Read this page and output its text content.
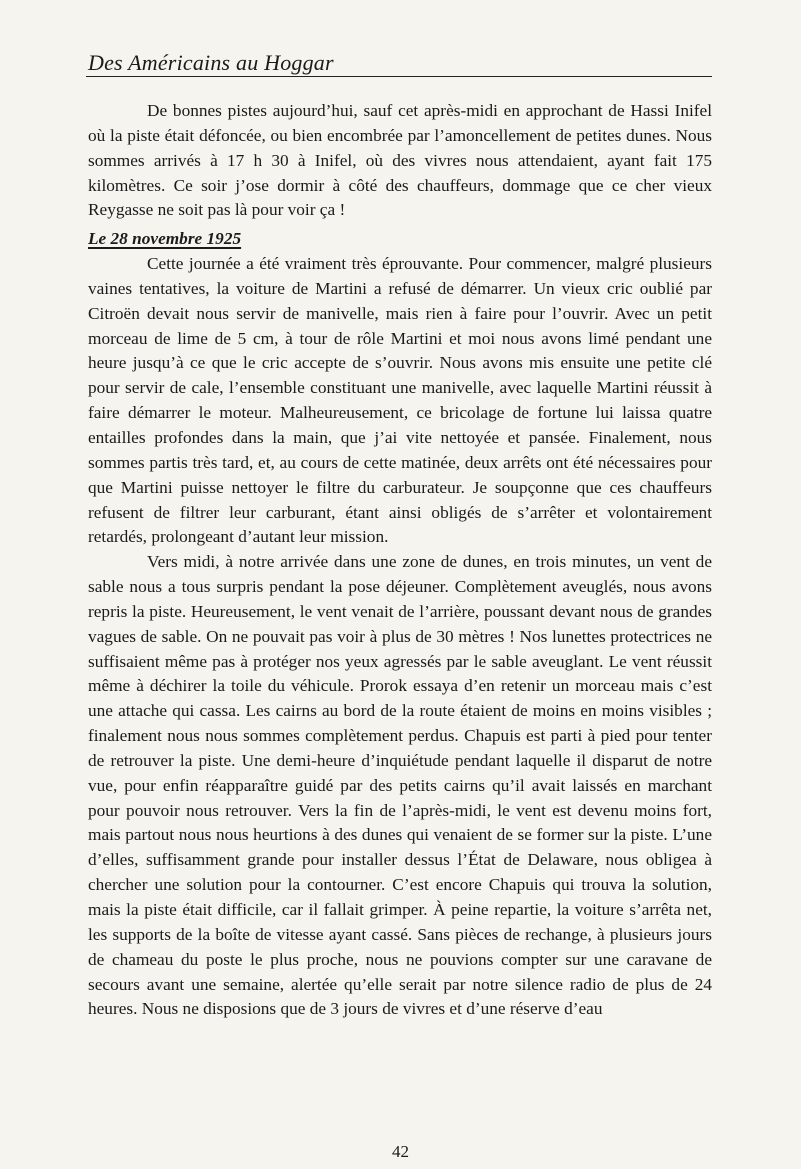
Des Américains au Hoggar

De bonnes pistes aujourd’hui, sauf cet après-midi en approchant de Hassi Inifel où la piste était défoncée, ou bien encombrée par l’amoncellement de petites dunes. Nous sommes arrivés à 17 h 30 à Inifel, où des vivres nous attendaient, ayant fait 175 kilomètres. Ce soir j’ose dormir à côté des chauffeurs, dommage que ce cher vieux Reygasse ne soit pas là pour voir ça !

Le 28 novembre 1925

Cette journée a été vraiment très éprouvante. Pour commencer, malgré plusieurs vaines tentatives, la voiture de Martini a refusé de démarrer. Un vieux cric oublié par Citroën devait nous servir de manivelle, mais rien à faire pour l’ouvrir. Avec un petit morceau de lime de 5 cm, à tour de rôle Martini et moi nous avons limé pendant une heure jusqu’à ce que le cric accepte de s’ouvrir. Nous avons mis ensuite une petite clé pour servir de cale, l’ensemble constituant une manivelle, avec laquelle Martini réussit à faire démarrer le moteur. Malheureusement, ce bricolage de fortune lui laissa quatre entailles profondes dans la main, que j’ai vite nettoyée et pansée. Finalement, nous sommes partis très tard, et, au cours de cette matinée, deux arrêts ont été nécessaires pour que Martini puisse nettoyer le filtre du carburateur. Je soupçonne que ces chauffeurs refusent de filtrer leur carburant, étant ainsi obligés de s’arrêter et volontairement retardés, prolongeant d’autant leur mission.

Vers midi, à notre arrivée dans une zone de dunes, en trois minutes, un vent de sable nous a tous surpris pendant la pose déjeuner. Complètement aveuglés, nous avons repris la piste. Heureusement, le vent venait de l’arrière, poussant devant nous de grandes vagues de sable. On ne pouvait pas voir à plus de 30 mètres ! Nos lunettes protectrices ne suffisaient même pas à protéger nos yeux agressés par le sable aveuglant. Le vent réussit même à déchirer la toile du véhicule. Prorok essaya d’en retenir un morceau mais c’est une attache qui cassa. Les cairns au bord de la route étaient de moins en moins visibles ; finalement nous nous sommes complètement perdus. Chapuis est parti à pied pour tenter de retrouver la piste. Une demi-heure d’inquiétude pendant laquelle il disparut de notre vue, pour enfin réapparaître guidé par des petits cairns qu’il avait laissés en marchant pour pouvoir nous retrouver. Vers la fin de l’après-midi, le vent est devenu moins fort, mais partout nous nous heurtions à des dunes qui venaient de se former sur la piste. L’une d’elles, suffisamment grande pour installer dessus l’État de Delaware, nous obligea à chercher une solution pour la contourner. C’est encore Chapuis qui trouva la solution, mais la piste était difficile, car il fallait grimper. À peine repartie, la voiture s’arrêta net, les supports de la boîte de vitesse ayant cassé. Sans pièces de rechange, à plusieurs jours de chameau du poste le plus proche, nous ne pouvions compter sur une caravane de secours avant une semaine, alertée qu’elle serait par notre silence radio de plus de 24 heures. Nous ne disposions que de 3 jours de vivres et d’une réserve d’eau

42
